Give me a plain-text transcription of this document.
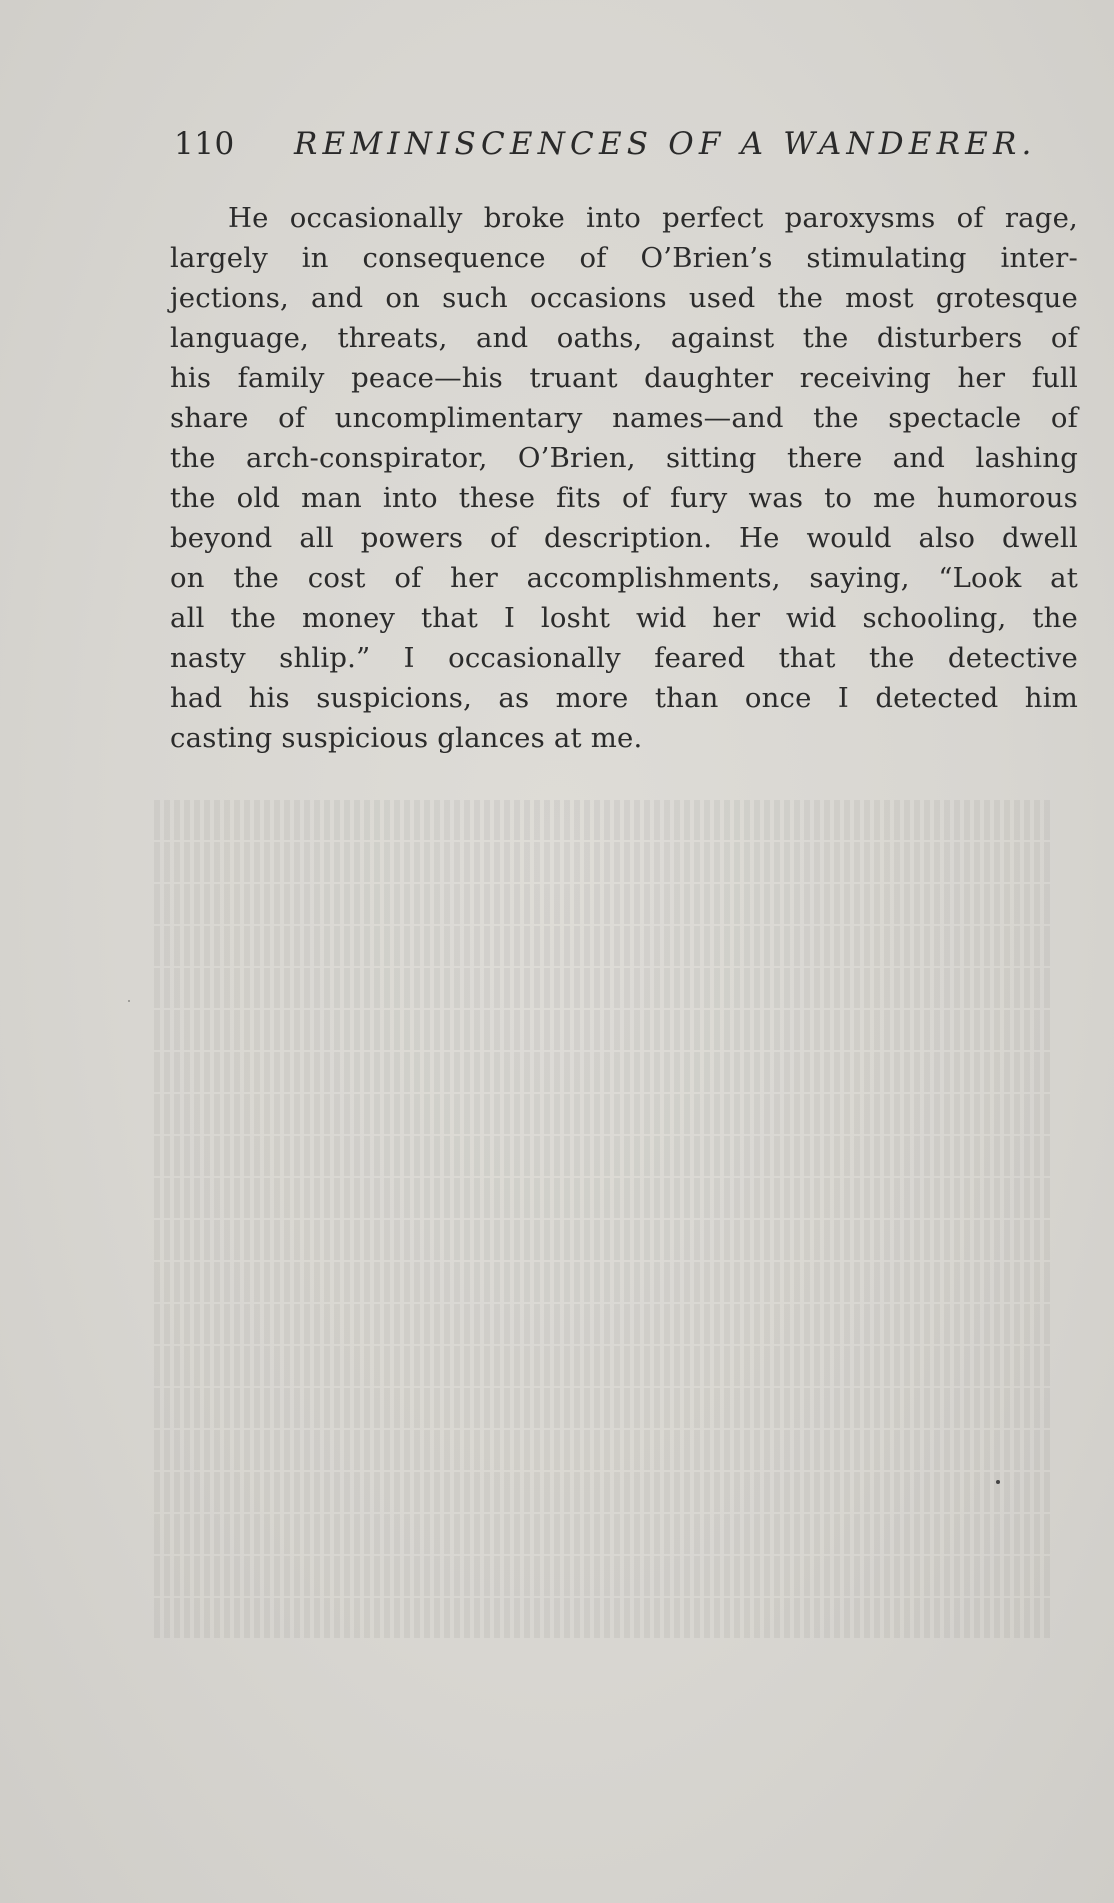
110 REMINISCENCES OF A WANDERER.
He occasionally broke into perfect paroxysms of rage,
largely in consequence of O’Brien’s stimulating inter-
jections, and on such occasions used the most grotesque
language, threats, and oaths, against the disturbers of
his family peace—his truant daughter receiving her full
share of uncomplimentary names—and the spectacle of
the arch-conspirator, O’Brien, sitting there and lashing
the old man into these fits of fury was to me humorous
beyond all powers of description. He would also dwell
on the cost of her accomplishments, saying, “Look at
all the money that I losht wid her wid schooling, the
nasty shlip.” I occasionally feared that the detective
had his suspicions, as more than once I detected him
casting suspicious glances at me.
